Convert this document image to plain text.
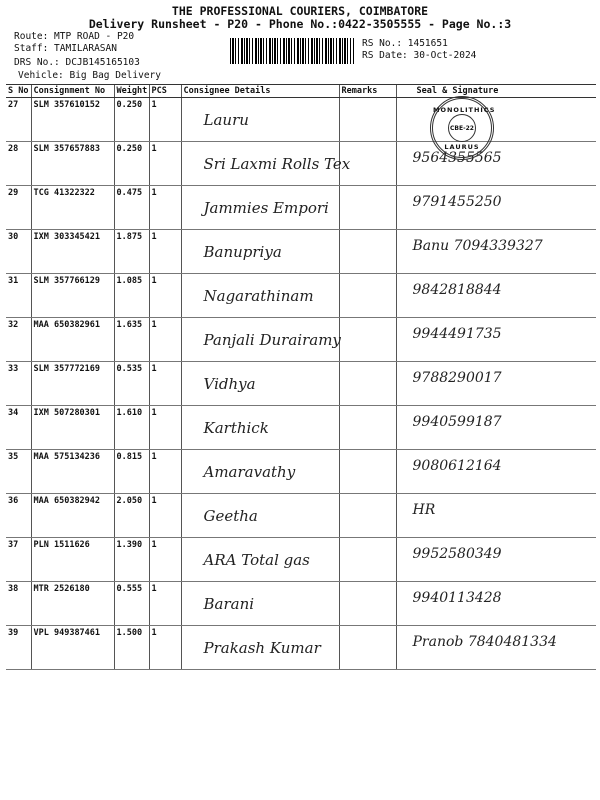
THE PROFESSIONAL COURIERS, COIMBATORE
Delivery Runsheet - P20 - Phone No.:0422-3505555 - Page No.:3
Route: MTP ROAD - P20
Staff: TAMILARASAN
DRS No.: DCJB145165103
Vehicle: Big Bag Delivery
RS No.: 1451651
RS Date: 30-Oct-2024
S No	Consignment No	Weight	PCS	Consignee Details	Remarks	Seal & Signature
27	SLM 357610152	0.250	1	Lauru		

28	SLM 357657883	0.250	1	Sri Laxmi Rolls Tex		9564355565

29	TCG 41322322	0.475	1	Jammies Empori		9791455250

30	IXM 303345421	1.875	1	Banupriya		Banu 7094339327

31	SLM 357766129	1.085	1	Nagarathinam		9842818844

32	MAA 650382961	1.635	1	Panjali Durairamy		9944491735

33	SLM 357772169	0.535	1	Vidhya		9788290017

34	IXM 507280301	1.610	1	Karthick		9940599187

35	MAA 575134236	0.815	1	Amaravathy		9080612164

36	MAA 650382942	2.050	1	Geetha		HR

37	PLN 1511626	1.390	1	ARA Total gas		9952580349

38	MTR 2526180	0.555	1	Barani		9940113428

39	VPL 949387461	1.500	1	Prakash Kumar		Pranob 7840481334
MONOLITHICS
CBE-22
LAURUS
